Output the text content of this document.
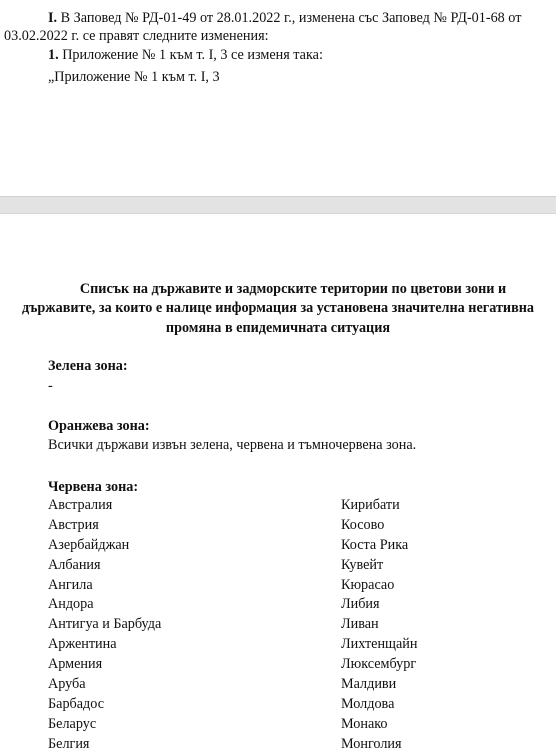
I. В Заповед № РД-01-49 от 28.01.2022 г., изменена със Заповед № РД-01-68 от
03.02.2022 г. се правят следните изменения:
1. Приложение № 1 към т. I, 3 се изменя така:
„Приложение № 1 към т. I, 3
Списък на държавите и задморските територии по цветови зони и
държавите, за които е налице информация за установена значителна негативна
промяна в епидемичната ситуация
Зелена зона:
-
Оранжева зона:
Всички държави извън зелена, червена и тъмночервена зона.
Червена зона:
Австралия
Австрия
Азербайджан
Албания
Ангила
Андора
Антигуа и Барбуда
Аржентина
Армения
Аруба
Барбадос
Беларус
Белгия
Кирибати
Косово
Коста Рика
Кувейт
Кюрасао
Либия
Ливан
Лихтенщайн
Люксембург
Малдиви
Молдова
Монако
Монголия
